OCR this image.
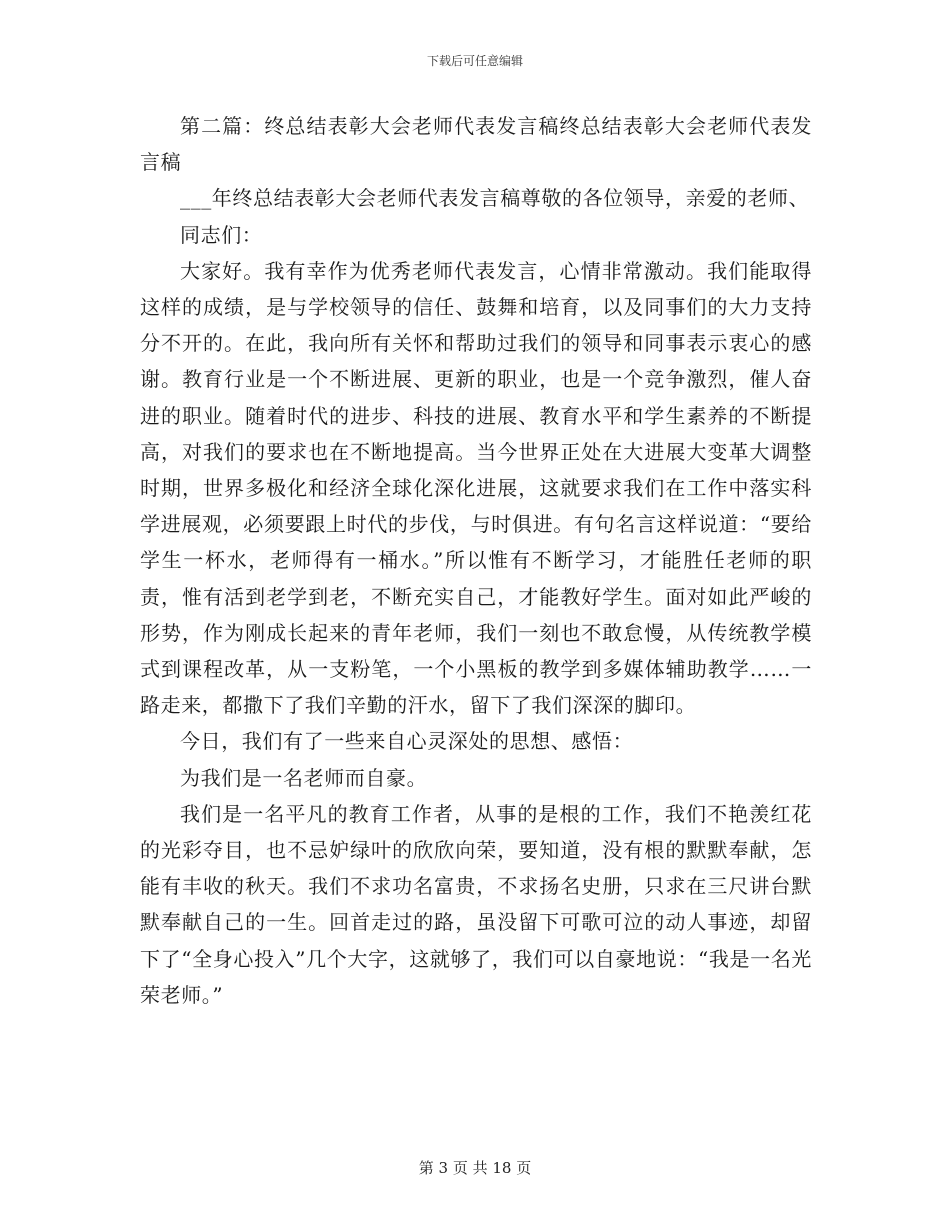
下载后可任意编辑

第二篇：终总结表彰大会老师代表发言稿终总结表彰大会老师代表发言稿

___年终总结表彰大会老师代表发言稿尊敬的各位领导，亲爱的老师、

同志们：

大家好。我有幸作为优秀老师代表发言，心情非常激动。我们能取得这样的成绩，是与学校领导的信任、鼓舞和培育，以及同事们的大力支持分不开的。在此，我向所有关怀和帮助过我们的领导和同事表示衷心的感谢。教育行业是一个不断进展、更新的职业，也是一个竞争激烈，催人奋进的职业。随着时代的进步、科技的进展、教育水平和学生素养的不断提高，对我们的要求也在不断地提高。当今世界正处在大进展大变革大调整时期，世界多极化和经济全球化深化进展，这就要求我们在工作中落实科学进展观，必须要跟上时代的步伐，与时俱进。有句名言这样说道：“要给学生一杯水，老师得有一桶水。”所以惟有不断学习，才能胜任老师的职责，惟有活到老学到老，不断充实自己，才能教好学生。面对如此严峻的形势，作为刚成长起来的青年老师，我们一刻也不敢怠慢，从传统教学模式到课程改革，从一支粉笔，一个小黑板的教学到多媒体辅助教学……一路走来，都撒下了我们辛勤的汗水，留下了我们深深的脚印。

今日，我们有了一些来自心灵深处的思想、感悟：

为我们是一名老师而自豪。

我们是一名平凡的教育工作者，从事的是根的工作，我们不艳羡红花的光彩夺目，也不忌妒绿叶的欣欣向荣，要知道，没有根的默默奉献，怎能有丰收的秋天。我们不求功名富贵，不求扬名史册，只求在三尺讲台默默奉献自己的一生。回首走过的路，虽没留下可歌可泣的动人事迹，却留下了“全身心投入”几个大字，这就够了，我们可以自豪地说：“我是一名光荣老师。”

第 3 页 共 18 页
